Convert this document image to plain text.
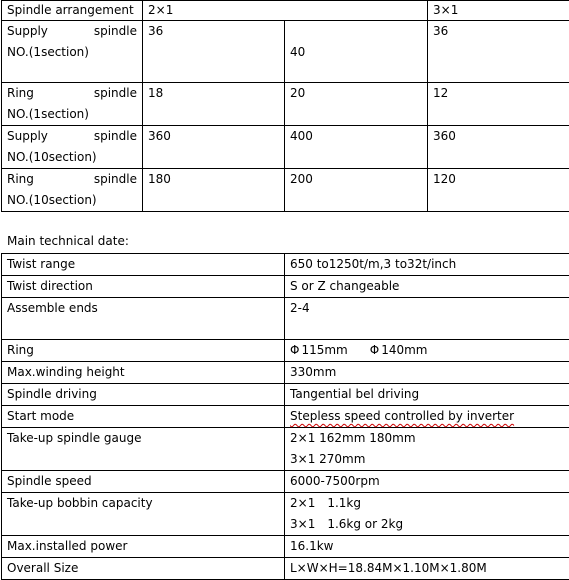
Spindle arrangement	2×1		3×1

Supply spindle
NO.(1section)	36	40	36

Ring spindle
NO.(1section)	18	20	12

Supply spindle
NO.(10section)	360	400	360

Ring spindle
NO.(10section)	180	200	120
Main technical date:
Twist range	650 to1250t/m,3 to32t/inch
Twist direction	S or Z changeable
Assemble ends	2-4
Ring	Φ 115mm Φ 140mm
Max.winding height	330mm
Spindle driving	Tangential bel driving
Start mode	Stepless speed controlled by inverter
Take-up spindle gauge	2×1 162mm 180mm
3×1 270mm

Spindle speed	6000-7500rpm
Take-up bobbin capacity	2×1 1.1kg
3×1 1.6kg or 2kg

Max.installed power	16.1kw
Overall Size	L×W×H=18.84M×1.10M×1.80M
